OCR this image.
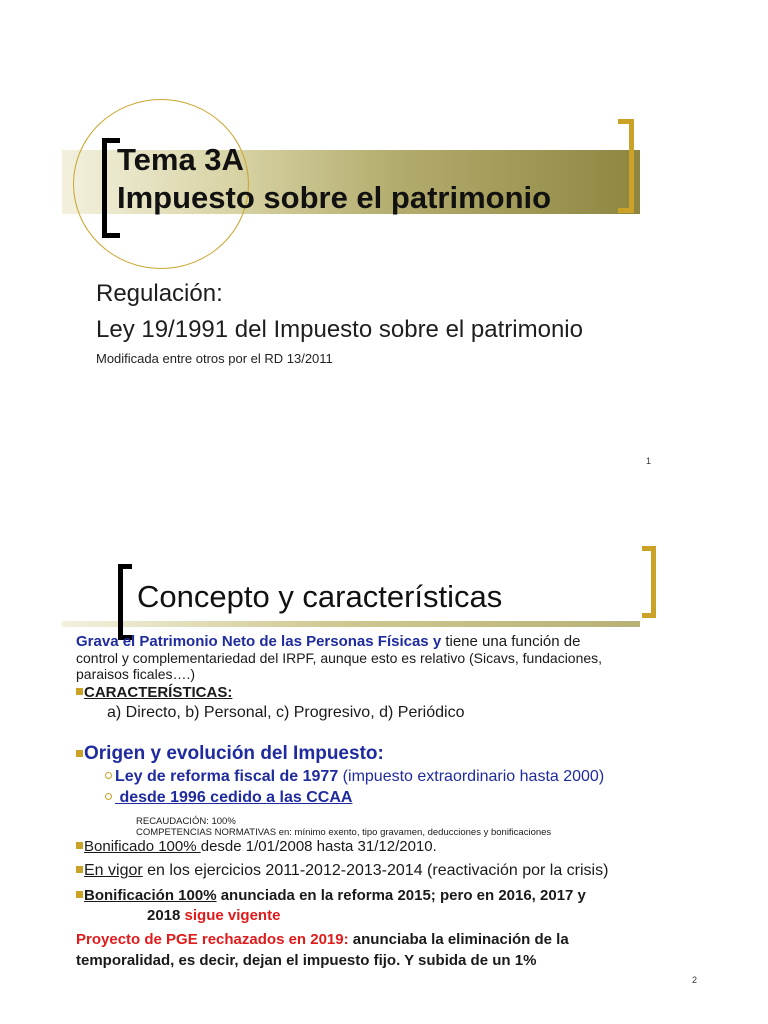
Tema 3A
Impuesto sobre el patrimonio
Regulación:
Ley 19/1991 del Impuesto sobre el patrimonio
Modificada entre otros por el RD 13/2011
1
Concepto y características
Grava el Patrimonio Neto de las Personas Físicas y tiene una función de
control y complementariedad del IRPF, aunque esto es relativo (Sicavs, fundaciones,
paraisos ficales….)
CARACTERÍSTICAS:
a) Directo, b) Personal, c) Progresivo, d) Periódico
Origen y evolución del Impuesto:
Ley de reforma fiscal de 1977 (impuesto extraordinario hasta 2000)
desde 1996 cedido a las CCAA
RECAUDACIÓN: 100%
COMPETENCIAS NORMATIVAS en: mínimo exento, tipo gravamen, deducciones y bonificaciones
Bonificado 100% desde 1/01/2008 hasta 31/12/2010.
En vigor en los ejercicios 2011-2012-2013-2014 (reactivación por la crisis)
Bonificación 100% anunciada en la reforma 2015; pero en 2016, 2017 y
2018 sigue vigente
Proyecto de PGE rechazados en 2019: anunciaba la eliminación de la
temporalidad, es decir, dejan el impuesto fijo. Y subida de un 1%
2
